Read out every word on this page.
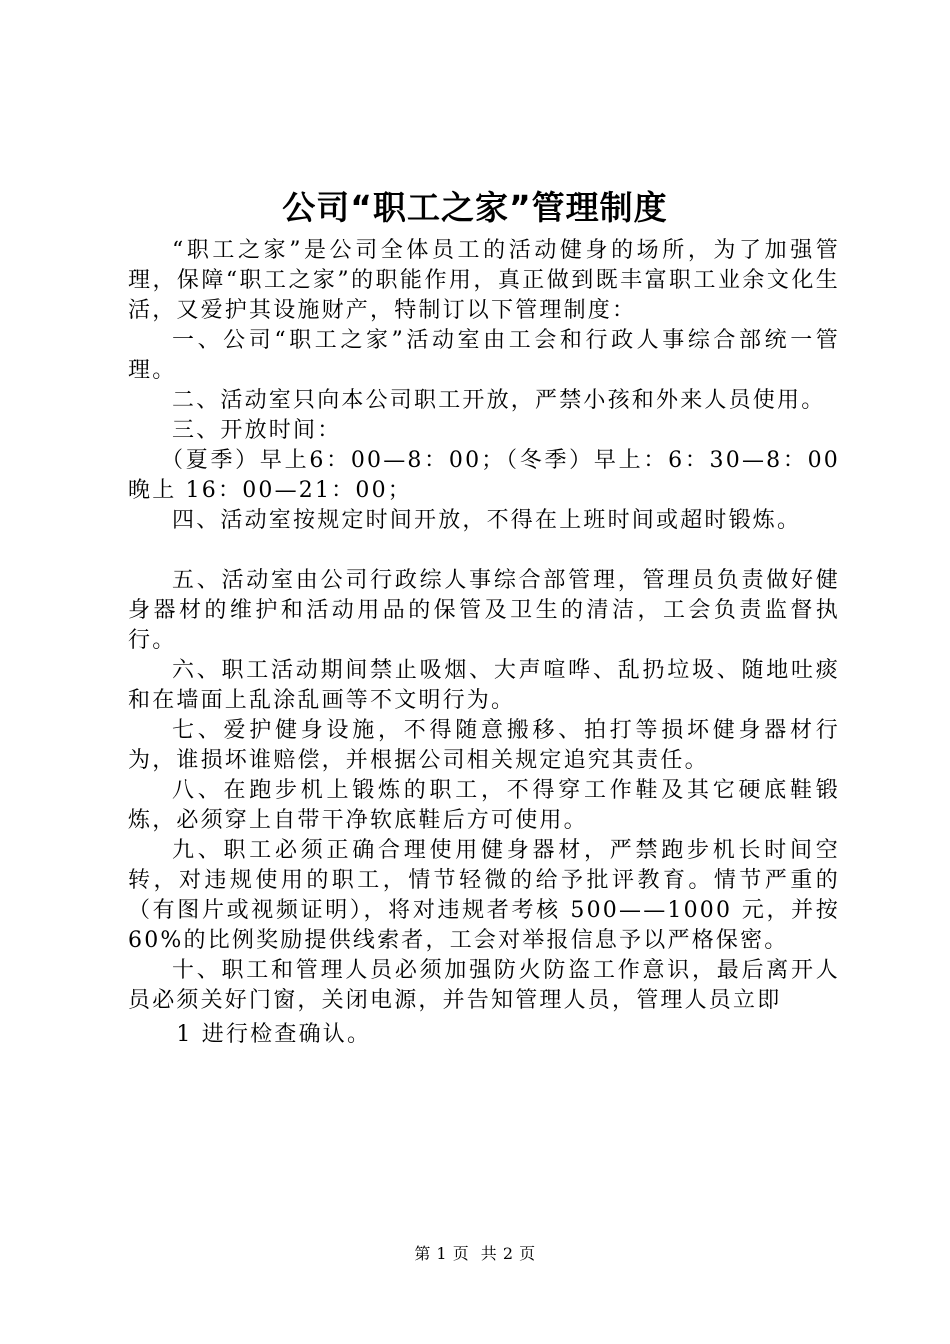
公司“职工之家”管理制度

“职工之家”是公司全体员工的活动健身的场所，为了加强管理，保障“职工之家”的职能作用，真正做到既丰富职工业余文化生活，又爱护其设施财产，特制订以下管理制度：

一、公司“职工之家”活动室由工会和行政人事综合部统一管理。

二、活动室只向本公司职工开放，严禁小孩和外来人员使用。

三、开放时间：

（夏季）早上6：00—8：00；（冬季）早上：6：30—8：00 晚上 16：00—21：00；

四、活动室按规定时间开放，不得在上班时间或超时锻炼。

五、活动室由公司行政综人事综合部管理，管理员负责做好健身器材的维护和活动用品的保管及卫生的清洁，工会负责监督执行。

六、职工活动期间禁止吸烟、大声喧哗、乱扔垃圾、随地吐痰和在墙面上乱涂乱画等不文明行为。

七、爱护健身设施，不得随意搬移、拍打等损坏健身器材行为，谁损坏谁赔偿，并根据公司相关规定追究其责任。

八、在跑步机上锻炼的职工，不得穿工作鞋及其它硬底鞋锻炼，必须穿上自带干净软底鞋后方可使用。

九、职工必须正确合理使用健身器材，严禁跑步机长时间空转，对违规使用的职工，情节轻微的给予批评教育。情节严重的（有图片或视频证明），将对违规者考核 500——1000 元，并按 60%的比例奖励提供线索者，工会对举报信息予以严格保密。

十、职工和管理人员必须加强防火防盗工作意识，最后离开人员必须关好门窗，关闭电源，并告知管理人员，管理人员立即

1 进行检查确认。

第 1 页 共 2 页
